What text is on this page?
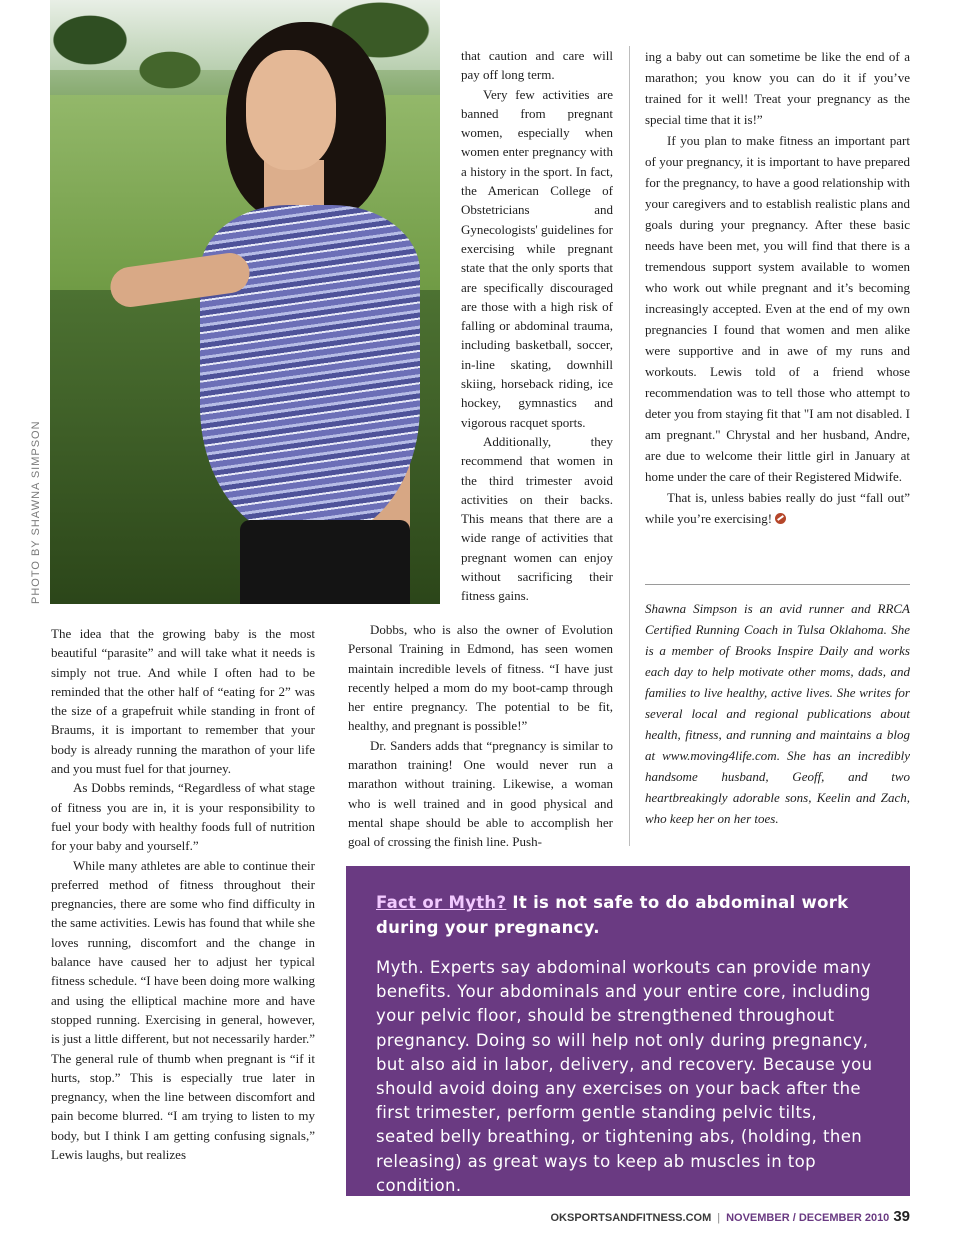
PHOTO BY SHAWNA SIMPSON

that caution and care will pay off long term.

Very few activities are banned from pregnant women, especially when women enter pregnancy with a history in the sport. In fact, the American College of Obstetricians and Gynecologists' guidelines for exercising while pregnant state that the only sports that are specifically discouraged are those with a high risk of falling or abdominal trauma, including basketball, soccer, in-line skating, downhill skiing, horseback riding, ice hockey, gymnastics and vigorous racquet sports.

Additionally, they recommend that women in the third trimester avoid activities on their backs. This means that there are a wide range of activities that pregnant women can enjoy without sacrificing their fitness gains.

Dobbs, who is also the owner of Evolution Personal Training in Edmond, has seen women maintain incredible levels of fitness. “I have just recently helped a mom do my boot-camp through her entire pregnancy. The potential to be fit, healthy, and pregnant is possible!”

Dr. Sanders adds that “pregnancy is similar to marathon training! One would never run a marathon without training. Likewise, a woman who is well trained and in good physical and mental shape should be able to accomplish her goal of crossing the finish line. Push-

The idea that the growing baby is the most beautiful “parasite” and will take what it needs is simply not true. And while I often had to be reminded that the other half of “eating for 2” was the size of a grapefruit while standing in front of Braums, it is important to remember that your body is already running the marathon of your life and you must fuel for that journey.

As Dobbs reminds, “Regardless of what stage of fitness you are in, it is your responsibility to fuel your body with healthy foods full of nutrition for your baby and yourself.”

While many athletes are able to continue their preferred method of fitness throughout their pregnancies, there are some who find difficulty in the same activities. Lewis has found that while she loves running, discomfort and the change in balance have caused her to adjust her typical fitness schedule. “I have been doing more walking and using the elliptical machine more and have stopped running. Exercising in general, however, is just a little different, but not necessarily harder.” The general rule of thumb when pregnant is “if it hurts, stop.” This is especially true later in pregnancy, when the line between discomfort and pain become blurred. “I am trying to listen to my body, but I think I am getting confusing signals,” Lewis laughs, but realizes

ing a baby out can sometime be like the end of a marathon; you know you can do it if you’ve trained for it well! Treat your pregnancy as the special time that it is!”

If you plan to make fitness an important part of your pregnancy, it is important to have prepared for the pregnancy, to have a good relationship with your caregivers and to establish realistic plans and goals during your pregnancy. After these basic needs have been met, you will find that there is a tremendous support system available to women who work out while pregnant and it’s becoming increasingly accepted. Even at the end of my own pregnancies I found that women and men alike were supportive and in awe of my runs and workouts. Lewis told of a friend whose recommendation was to tell those who attempt to deter you from staying fit that "I am not disabled. I am pregnant." Chrystal and her husband, Andre, are due to welcome their little girl in January at home under the care of their Registered Midwife.

That is, unless babies really do just “fall out” while you’re exercising!

Shawna Simpson is an avid runner and RRCA Certified Running Coach in Tulsa Oklahoma. She is a member of Brooks Inspire Daily and works each day to help motivate other moms, dads, and families to live healthy, active lives. She writes for several local and regional publications about health, fitness, and running and maintains a blog at www.moving4life.com. She has an incredibly handsome husband, Geoff, and two heartbreakingly adorable sons, Keelin and Zach, who keep her on her toes.
Fact or Myth? It is not safe to do abdominal work during your pregnancy.
Myth. Experts say abdominal workouts can provide many benefits. Your abdominals and your entire core, including your pelvic floor, should be strengthened throughout pregnancy. Doing so will help not only during pregnancy, but also aid in labor, delivery, and recovery. Because you should avoid doing any exercises on your back after the first trimester, perform gentle standing pelvic tilts, seated belly breathing, or tightening abs, (holding, then releasing) as great ways to keep ab muscles in top condition.
OKSPORTSANDFITNESS.COM | NOVEMBER / DECEMBER 2010 39
